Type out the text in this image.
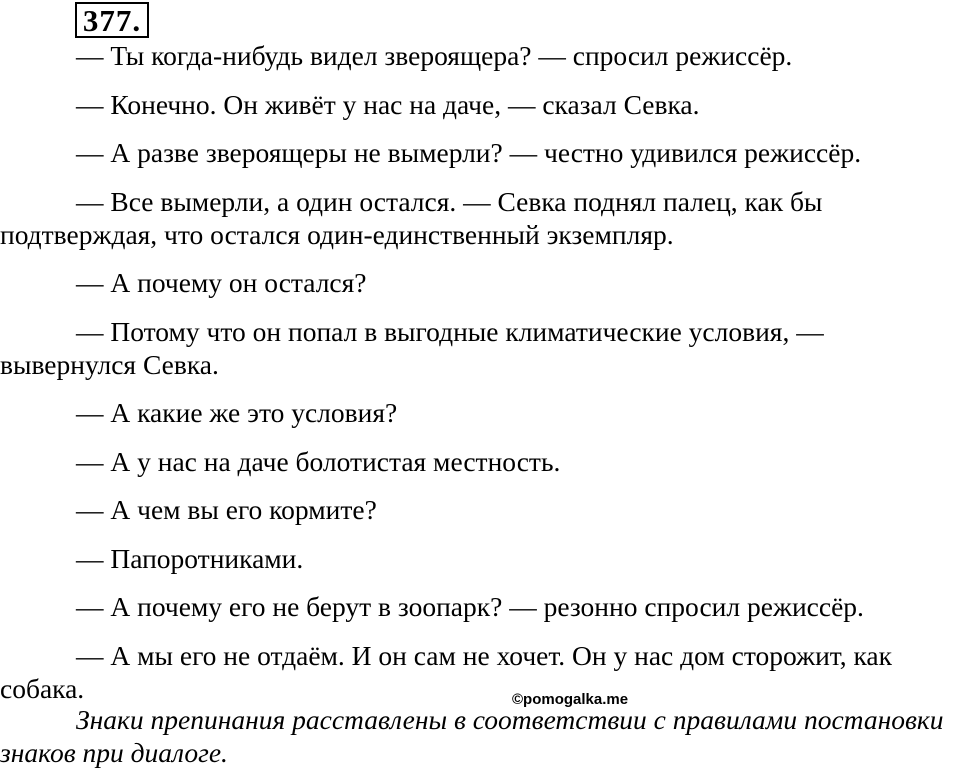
377.

— Ты когда-нибудь видел звероящера? — спросил режиссёр.

— Конечно. Он живёт у нас на даче, — сказал Севка.

— А разве звероящеры не вымерли? — честно удивился режиссёр.

— Все вымерли, а один остался. — Севка поднял палец, как бы подтверждая, что остался один-единственный экземпляр.

— А почему он остался?

— Потому что он попал в выгодные климатические условия, — вывернулся Севка.

— А какие же это условия?

— А у нас на даче болотистая местность.

— А чем вы его кормите?

— Папоротниками.

— А почему его не берут в зоопарк? — резонно спросил режиссёр.

— А мы его не отдаём. И он сам не хочет. Он у нас дом сторожит, как собака.	©pomogalka.me

Знаки препинания расставлены в соответствии с правилами постановки знаков при диалоге.
